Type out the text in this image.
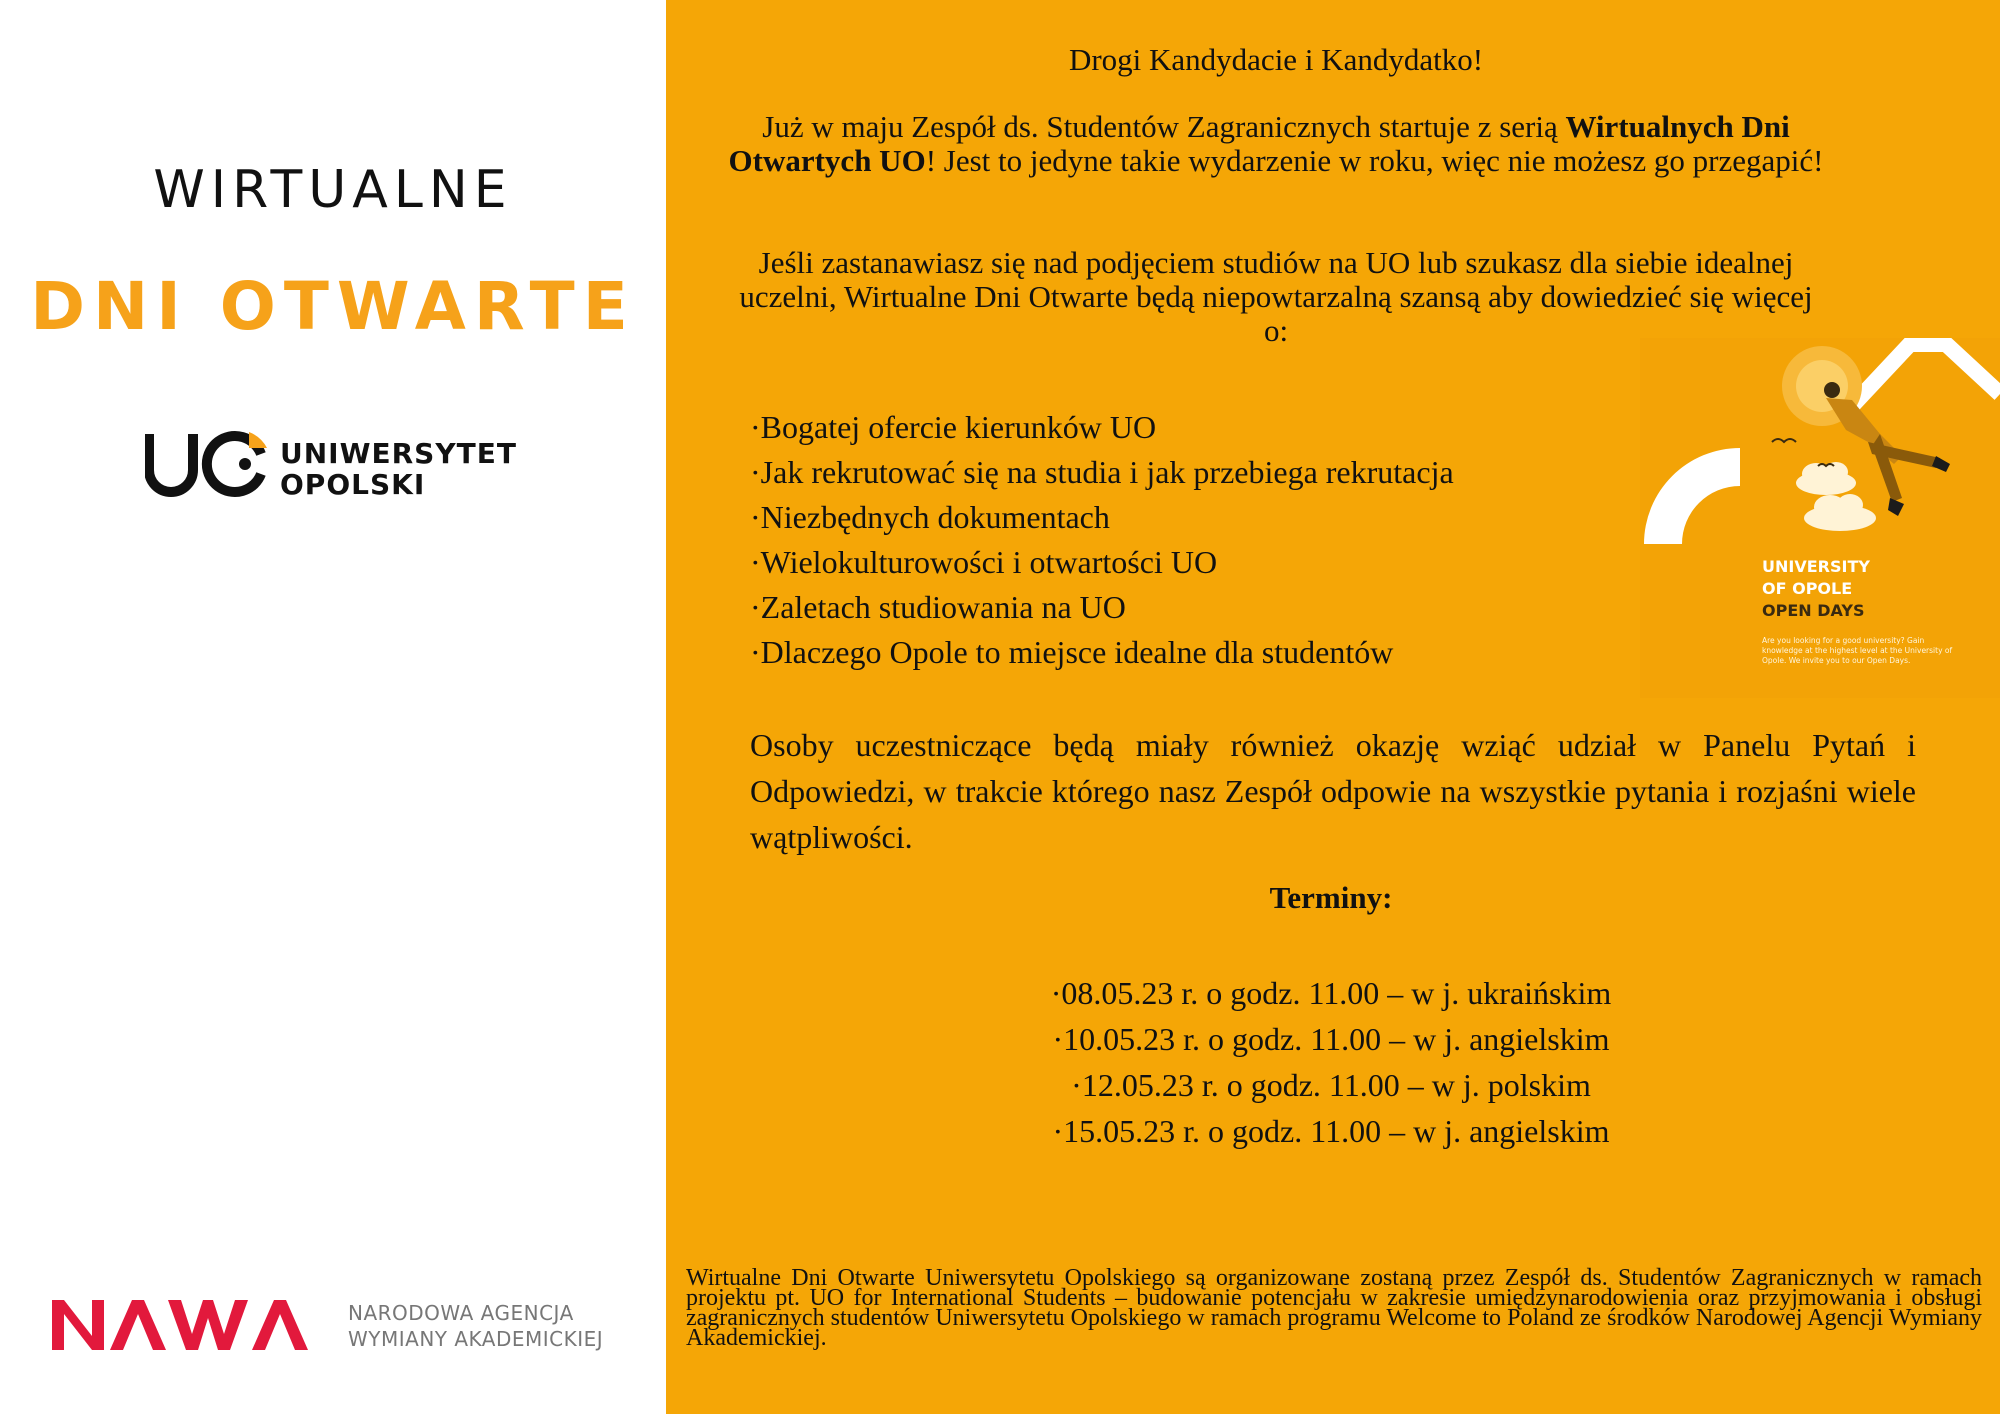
WIRTUALNE
DNI OTWARTE
UNIWERSYTET
OPOLSKI
NARODOWA AGENCJA
WYMIANY AKADEMICKIEJ
Drogi Kandydacie i Kandydatko!
Już w maju Zespół ds. Studentów Zagranicznych startuje z serią Wirtualnych Dni Otwartych UO! Jest to jedyne takie wydarzenie w roku, więc nie możesz go przegapić!
Jeśli zastanawiasz się nad podjęciem studiów na UO lub szukasz dla siebie idealnej uczelni, Wirtualne Dni Otwarte będą niepowtarzalną szansą aby dowiedzieć się więcej o:
·Bogatej ofercie kierunków UO
·Jak rekrutować się na studia i jak przebiega rekrutacja
·Niezbędnych dokumentach
·Wielokulturowości i otwartości UO
·Zaletach studiowania na UO
·Dlaczego Opole to miejsce idealne dla studentów
Osoby uczestniczące będą miały również okazję wziąć udział w Panelu Pytań i Odpowiedzi, w trakcie którego nasz Zespół odpowie na wszystkie pytania i rozjaśni wiele wątpliwości.
Terminy:
·08.05.23 r. o godz. 11.00 – w j. ukraińskim
·10.05.23 r. o godz. 11.00 – w j. angielskim
·12.05.23 r. o godz. 11.00 – w j. polskim
·15.05.23 r. o godz. 11.00 – w j. angielskim
Wirtualne Dni Otwarte Uniwersytetu Opolskiego są organizowane zostaną przez Zespół ds. Studentów Zagranicznych w ramach projektu pt. UO for International Students – budowanie potencjału w zakresie umiędzynarodowienia oraz przyjmowania i obsługi zagranicznych studentów Uniwersytetu Opolskiego w ramach programu Welcome to Poland ze środków Narodowej Agencji Wymiany Akademickiej.
UNIVERSITY
OF OPOLE
OPEN DAYS
Are you looking for a good university? Gain knowledge at the highest level at the University of Opole. We invite you to our Open Days.
